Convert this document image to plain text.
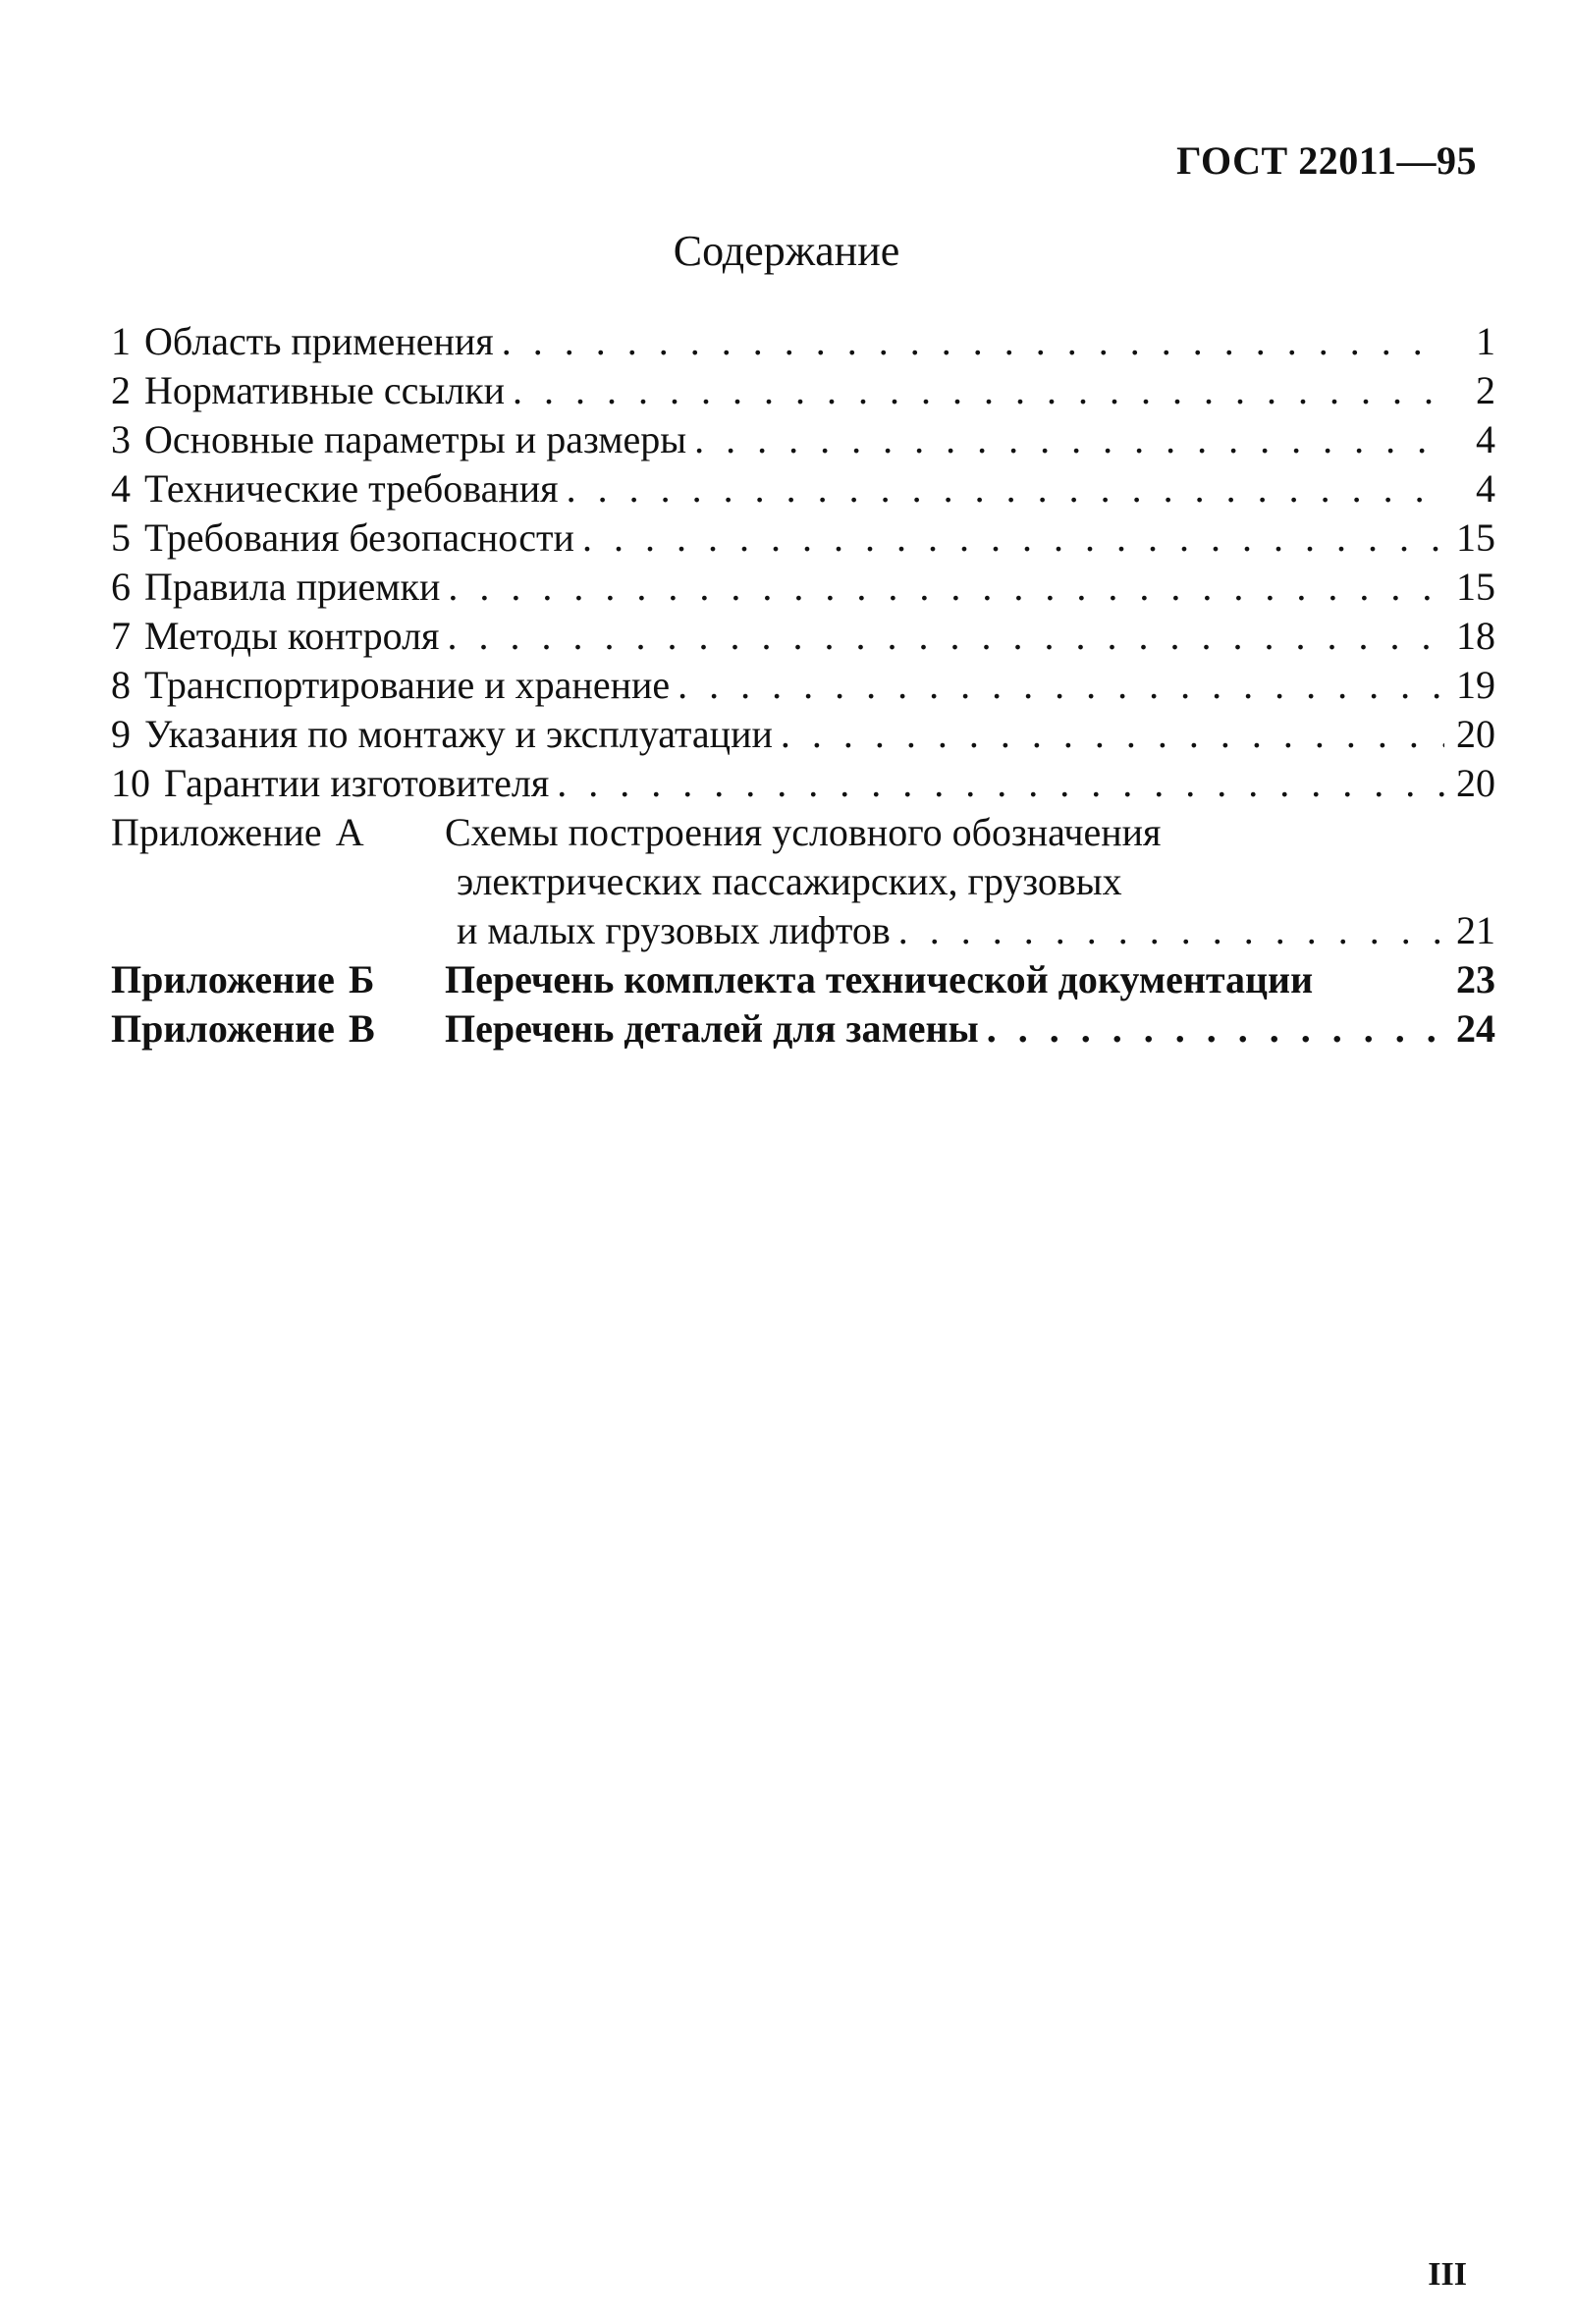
ГОСТ 22011—95
Содержание
1 Область применения . . .	1
2 Нормативные ссылки . . .	2
3 Основные параметры и размеры . . .	4
4 Технические требования . . .	4
5 Требования безопасности . . .	15
6 Правила приемки . . .	15
7 Методы контроля . . .	18
8 Транспортирование и хранение . . .	19
9 Указания по монтажу и эксплуатации . . .	20
10 Гарантии изготовителя . . .	20
Приложение А Схемы построения условного обозначения
электрических пассажирских, грузовых
и малых грузовых лифтов . . .	21
Приложение Б Перечень комплекта технической документации	23
Приложение В Перечень деталей для замены . . .	24
III
